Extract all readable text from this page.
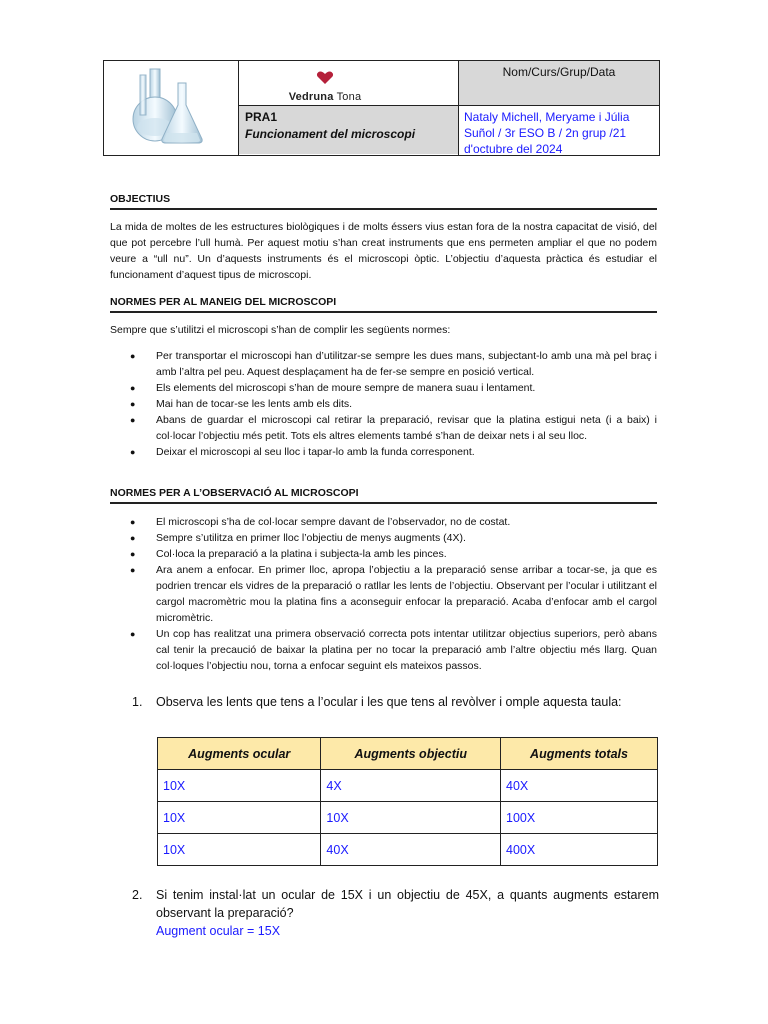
Vedruna Tona
Nom/Curs/Grup/Data
PRA1
Funcionament del microscopi
Nataly Michell, Meryame i Júlia Suñol / 3r ESO B / 2n grup /21 d'octubre del 2024
OBJECTIUS
La mida de moltes de les estructures biològiques i de molts éssers vius estan fora de la nostra capacitat de visió, del que pot percebre l’ull humà. Per aquest motiu s’han creat instruments que ens permeten ampliar el que no podem veure a “ull nu”. Un d’aquests instruments és el microscopi òptic. L’objectiu d’aquesta pràctica és estudiar el funcionament d’aquest tipus de microscopi.
NORMES PER AL MANEIG DEL MICROSCOPI
Sempre que s’utilitzi el microscopi s’han de complir les següents normes:
● Per transportar el microscopi han d’utilitzar-se sempre les dues mans, subjectant-lo amb una mà pel braç i amb l’altra pel peu. Aquest desplaçament ha de fer-se sempre en posició vertical.
● Els elements del microscopi s’han de moure sempre de manera suau i lentament.
● Mai han de tocar-se les lents amb els dits.
● Abans de guardar el microscopi cal retirar la preparació, revisar que la platina estigui neta (i a baix) i col·locar l’objectiu més petit. Tots els altres elements també s’han de deixar nets i al seu lloc.
● Deixar el microscopi al seu lloc i tapar-lo amb la funda corresponent.
NORMES PER A L’OBSERVACIÓ AL MICROSCOPI
● El microscopi s’ha de col·locar sempre davant de l’observador, no de costat.
● Sempre s’utilitza en primer lloc l’objectiu de menys augments (4X).
● Col·loca la preparació a la platina i subjecta-la amb les pinces.
● Ara anem a enfocar. En primer lloc, apropa l’objectiu a la preparació sense arribar a tocar-se, ja que es podrien trencar els vidres de la preparació o ratllar les lents de l’objectiu. Observant per l’ocular i utilitzant el cargol macromètric mou la platina fins a aconseguir enfocar la preparació. Acaba d’enfocar amb el cargol micromètric.
● Un cop has realitzat una primera observació correcta pots intentar utilitzar objectius superiors, però abans cal tenir la precaució de baixar la platina per no tocar la preparació amb l’altre objectiu més llarg. Quan col·loques l’objectiu nou, torna a enfocar seguint els mateixos passos.
1. Observa les lents que tens a l’ocular i les que tens al revòlver i omple aquesta taula:
Augments ocular	Augments objectiu	Augments totals
10X	4X	40X
10X	10X	100X
10X	40X	400X
2. Si tenim instal·lat un ocular de 15X i un objectiu de 45X, a quants augments estarem observant la preparació?
Augment ocular = 15X
